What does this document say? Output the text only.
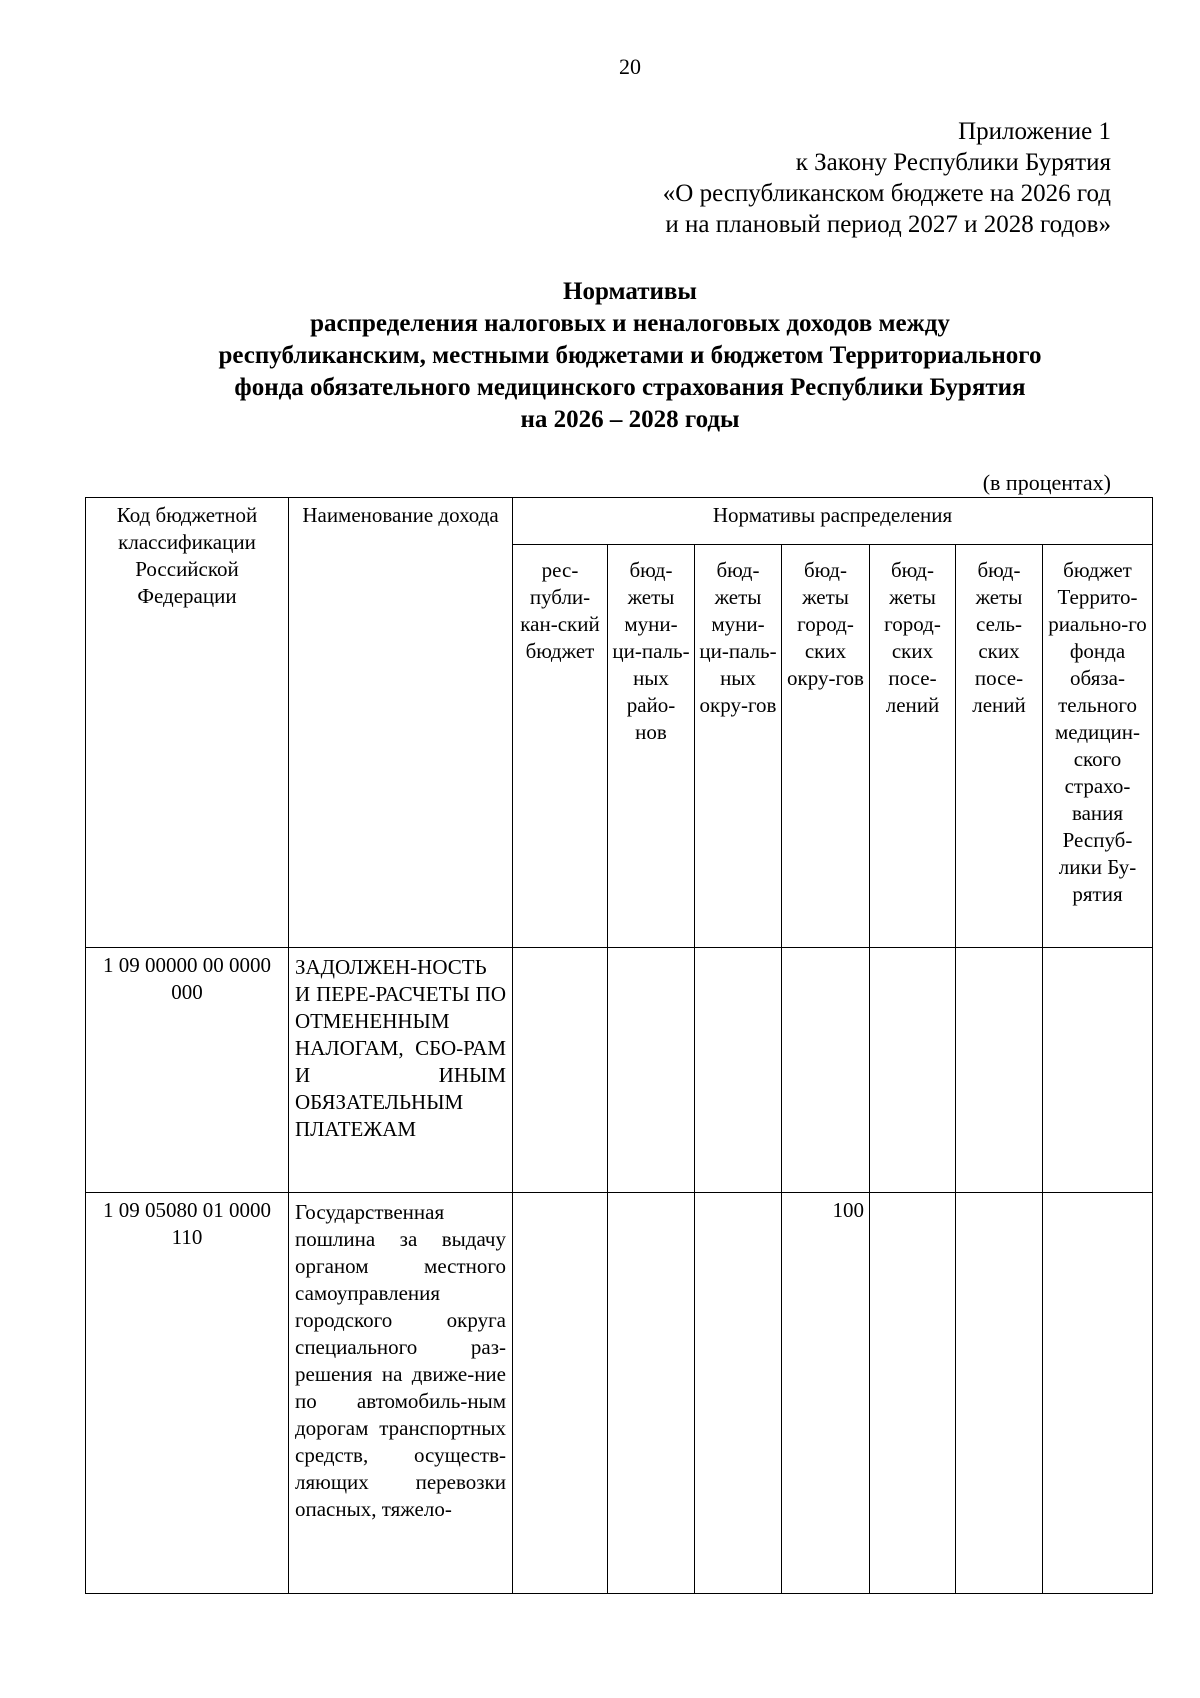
20
Приложение 1
к Закону Республики Бурятия
«О республиканском бюджете на 2026 год
и на плановый период 2027 и 2028 годов»
Нормативы
распределения налоговых и неналоговых доходов между
республиканским, местными бюджетами и бюджетом Территориального
фонда обязательного медицинского страхования Республики Бурятия
на 2026 – 2028 годы
(в процентах)
Код бюджетной классификации Российской Федерации	Наименование дохода	Нормативы распределения						
		рес-публи-кан-ский бюджет	бюд-жеты муни-ци-паль-ных райо-нов	бюд-жеты муни-ци-паль-ных окру-гов	бюд-жеты город-ских окру-гов	бюд-жеты город-ских посе-лений	бюд-жеты сель-ских посе-лений	бюджет Террито-риально-го фонда обяза-тельного медицин-ского страхо-вания Респуб-лики Бу-рятия
1 09 00000 00 0000 000	ЗАДОЛЖЕН-НОСТЬ И ПЕРЕ-РАСЧЕТЫ ПО ОТМЕНЕННЫМ НАЛОГАМ, СБО-РАМ И ИНЫМ ОБЯЗАТЕЛЬНЫМ ПЛАТЕЖАМ							
1 09 05080 01 0000 110	Государственная пошлина за выдачу органом местного самоуправления городского округа специального раз-решения на движе-ние по автомобиль-ным дорогам транспортных средств, осуществ-ляющих перевозки опасных, тяжело-				100			
